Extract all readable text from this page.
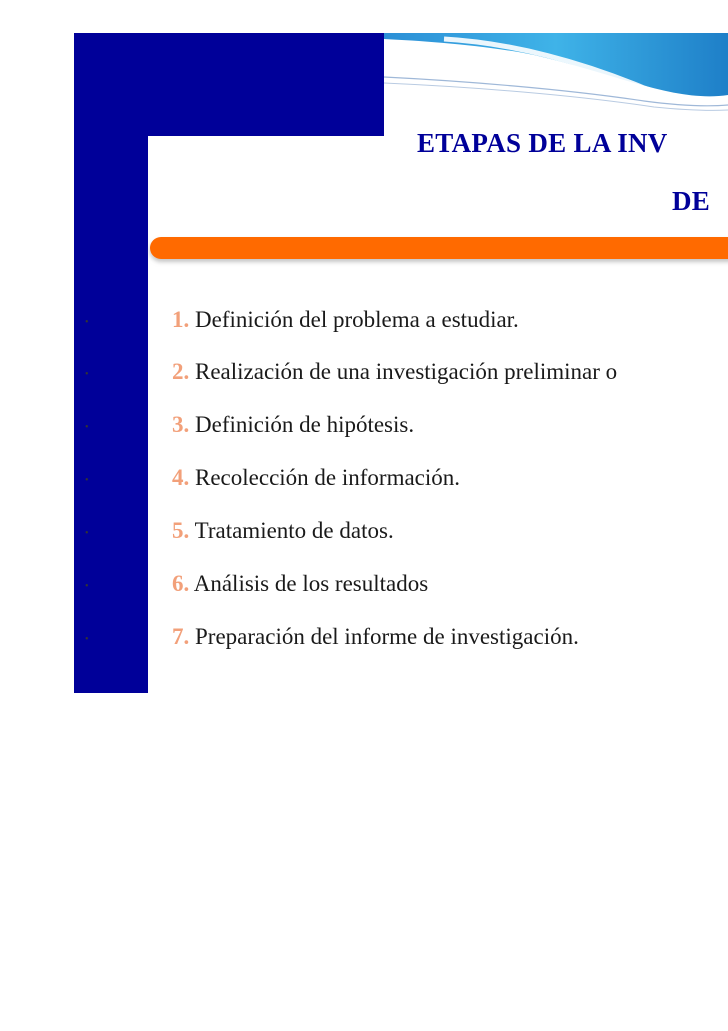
ETAPAS DE LA INV
DE
•	1. Definición del problema a estudiar.
•	2. Realización de una investigación preliminar o
•	3. Definición de hipótesis.
•	4. Recolección de información.
•	5. Tratamiento de datos.
•	6. Análisis de los resultados
•	7. Preparación del informe de investigación.
